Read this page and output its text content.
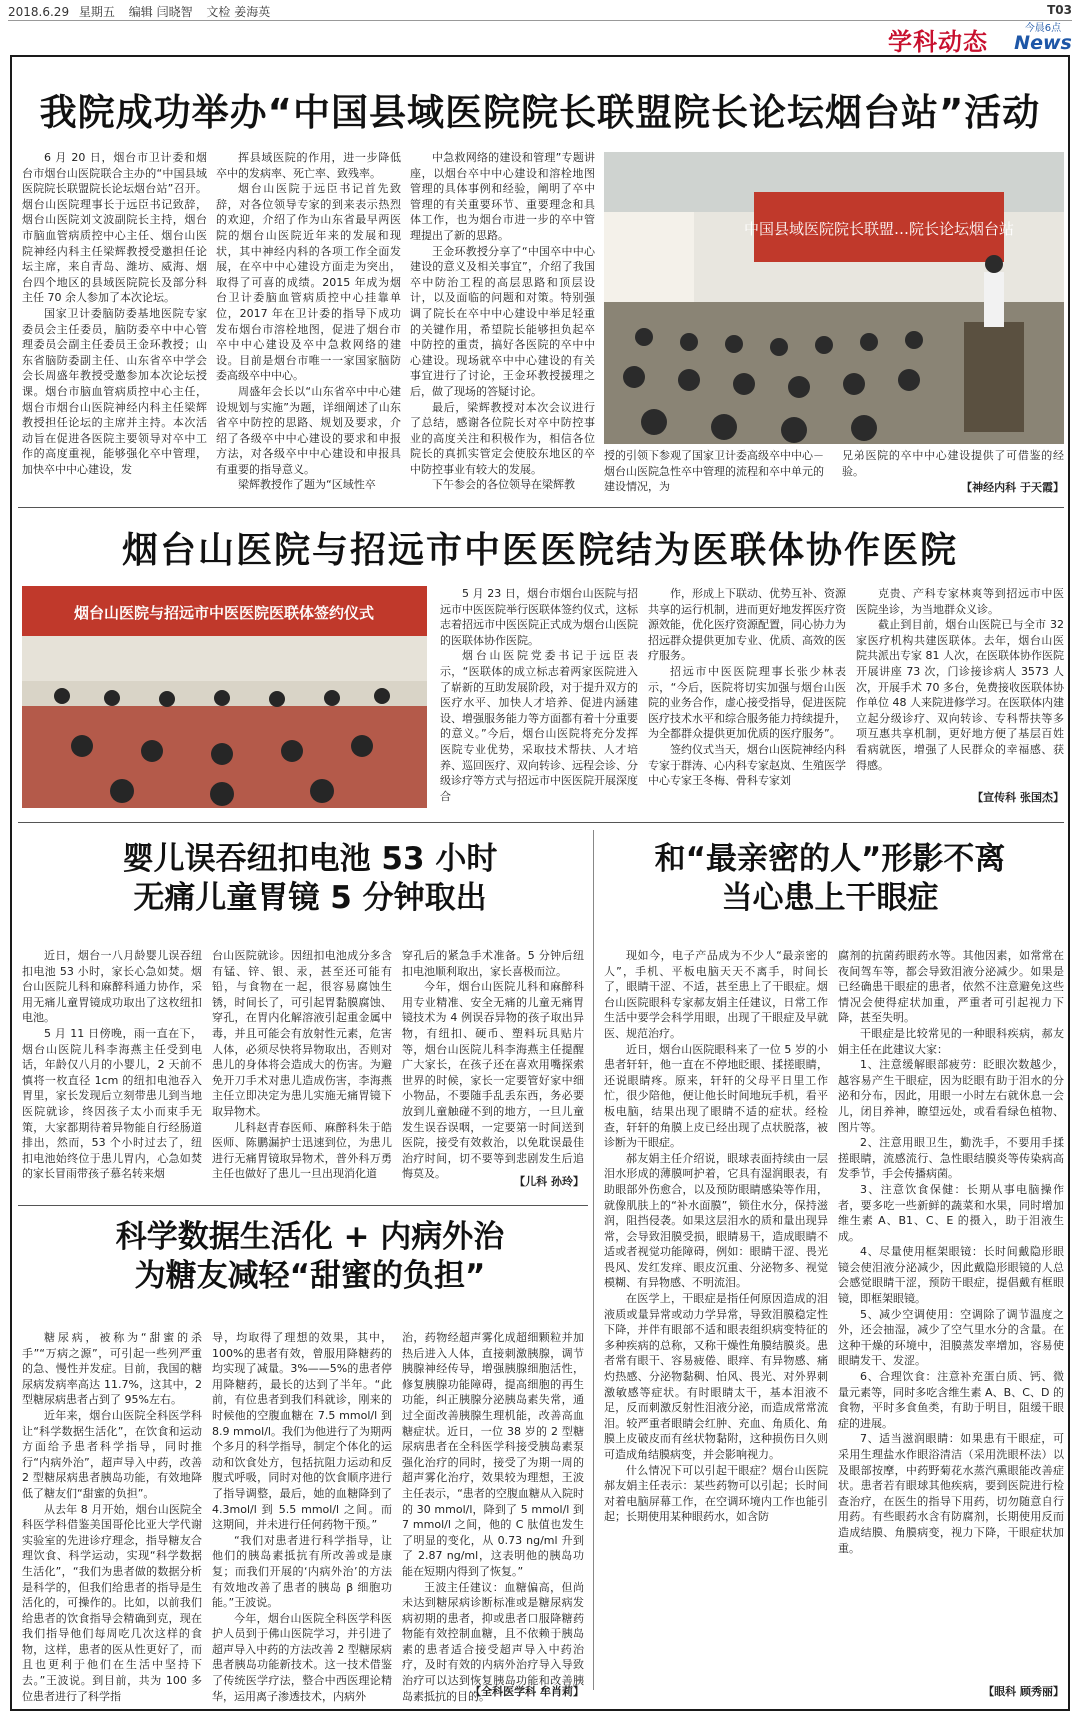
2018.6.29 星期五 编辑 闫晓智 文检 姜海英	T03
学科动态	今晨6点
News
我院成功举办“中国县域医院院长联盟院长论坛烟台站”活动

6 月 20 日，烟台市卫计委和烟台市烟台山医院联合主办的“中国县域医院院长联盟院长论坛烟台站”召开。烟台山医院理事长于远臣书记致辞，烟台山医院刘文波副院长主持，烟台市脑血管病质控中心主任、烟台山医院神经内科主任梁辉教授受邀担任论坛主席，来自青岛、潍坊、威海、烟台四个地区的县域医院院长及部分科主任 70 余人参加了本次论坛。

国家卫计委脑防委基地医院专家委员会主任委员，脑防委卒中中心管理委员会副主任委员王金环教授；山东省脑防委副主任、山东省卒中学会会长周盛年教授受邀参加本次论坛授课。烟台市脑血管病质控中心主任，烟台市烟台山医院神经内科主任梁辉教授担任论坛的主席并主持。本次活动旨在促进各医院主要领导对卒中工作的高度重视，能够强化卒中管理，加快卒中中心建设，发

挥县域医院的作用，进一步降低卒中的发病率、死亡率、致残率。

烟台山医院于远臣书记首先致辞，对各位领导专家的到来表示热烈的欢迎，介绍了作为山东省最早两医院的烟台山医院近年来的发展和现状，其中神经内科的各项工作全面发展，在卒中中心建设方面走为突出，取得了可喜的成绩。2015 年成为烟台卫计委脑血管病质控中心挂靠单位，2017 年在卫计委的指导下成功发布烟台市溶栓地图，促进了烟台市卒中中心建设及卒中急救网络的建设。目前是烟台市唯一一家国家脑防委高级卒中中心。

周盛年会长以“山东省卒中中心建设规划与实施”为题，详细阐述了山东省卒中防控的思路、规划及要求，介绍了各级卒中中心建设的要求和申报方法，对各级卒中中心建设和申报具有重要的指导意义。

梁辉教授作了题为“区域性卒

中急救网络的建设和管理”专题讲座，以烟台卒中中心建设和溶栓地图管理的具体事例和经验，阐明了卒中管理的有关重要环节、重要理念和具体工作，也为烟台市进一步的卒中管理提出了新的思路。

王金环教授分享了“中国卒中中心建设的意义及相关事宜”，介绍了我国卒中防治工程的高层思路和顶层设计，以及面临的问题和对策。特别强调了院长在卒中中心建设中举足轻重的关键作用，希望院长能够担负起卒中防控的重责，搞好各医院的卒中中心建设。现场就卒中中心建设的有关事宜进行了讨论，王金环教授援理之后，做了现场的答疑讨论。

最后，梁辉教授对本次会议进行了总结，感谢各位院长对卒中防控事业的高度关注和积极作为，相信各位院长的真抓实管定会使胶东地区的卒中防控事业有较大的发展。

下午参会的各位领导在梁辉教

中国县域医院院长联盟…院长论坛烟台站

授的引领下参观了国家卫计委高级卒中中心－烟台山医院急性卒中管理的流程和卒中单元的建设情况，为

兄弟医院的卒中中心建设提供了可借鉴的经验。

【神经内科 于天霞】
烟台山医院与招远市中医医院结为医联体协作医院
烟台山医院与招远市中医医院医联体签约仪式

5 月 23 日，烟台市烟台山医院与招远市中医医院举行医联体签约仪式，这标志着招远市中医医院正式成为烟台山医院的医联体协作医院。

烟台山医院党委书记于远臣表示，“医联体的成立标志着两家医院进入了崭新的互助发展阶段，对于提升双方的医疗水平、加快人才培养、促进内涵建设、增强服务能力等方面都有着十分重要的意义。”今后，烟台山医院将充分发挥医院专业优势，采取技术帮扶、人才培养、巡回医疗、双向转诊、远程会诊、分级诊疗等方式与招远市中医医院开展深度合

作，形成上下联动、优势互补、资源共享的运行机制，进而更好地发挥医疗资源效能，优化医疗资源配置，同心协力为招远群众提供更加专业、优质、高效的医疗服务。

招远市中医医院理事长张少林表示，“今后，医院将切实加强与烟台山医院的业务合作，虚心接受指导，促进医院医疗技术水平和综合服务能力持续提升，为全都群众提供更加优质的医疗服务”。

签约仪式当天，烟台山医院神经内科专家于群涛、心内科专家赵岚、生殖医学中心专家王冬梅、骨科专家刘

克贵、产科专家林爽等到招远市中医医院坐诊，为当地群众义诊。

截止到目前，烟台山医院已与全市 32 家医疗机构共建医联体。去年，烟台山医院共派出专家 81 人次，在医联体协作医院开展讲座 73 次，门诊接诊病人 3573 人次，开展手术 70 多台，免费接收医联体协作单位 48 人来院进修学习。在医联体内建立起分级诊疗、双向转诊、专科帮扶等多项互惠共享机制，更好地方便了基层百姓看病就医，增强了人民群众的幸福感、获得感。

【宣传科 张国杰】
婴儿误吞纽扣电池 53 小时
无痛儿童胃镜 5 分钟取出

近日，烟台一八月龄婴儿误吞纽扣电池 53 小时，家长心急如焚。烟台山医院儿科和麻醉科通力协作，采用无痛儿童胃镜成功取出了这枚纽扣电池。

5 月 11 日傍晚，雨一直在下，烟台山医院儿科李海燕主任受到电话，年龄仅八月的小婴儿，2 天前不慎将一枚直径 1cm 的纽扣电池吞入胃里，家长发现后立刻带患儿到当地医院就诊，终因孩子太小而束手无策，大家都期待着异物能自行经肠道排出，然而，53 个小时过去了，纽扣电池始终位于患儿胃内，心急如焚的家长冒雨带孩子慕名转来烟

台山医院就诊。因纽扣电池成分多含有锰、锌、银、汞，甚至还可能有铅，与食物在一起，很容易腐蚀生锈，时间长了，可引起胃黏膜腐蚀、穿孔，在胃内化解溶液引起重金属中毒，并且可能会有放射性元素，危害人体，必须尽快将异物取出，否则对患儿的身体将会造成大的伤害。为避免开刀手术对患儿造成伤害，李海燕主任立即决定为患儿实施无痛胃镜下取异物术。

儿科赵青春医师、麻醉科朱于皓医师、陈鹏漏护士迅速到位，为患儿进行无痛胃镜取异物术，普外科万勇主任也做好了患儿一旦出现消化道

穿孔后的紧急手术准备。5 分钟后纽扣电池顺利取出，家长喜极而泣。

今年，烟台山医院儿科和麻醉科用专业精准、安全无痛的儿童无痛胃镜技术为 4 例误吞异物的孩子取出异物，有纽扣、硬币、塑料玩具贴片等，烟台山医院儿科李海燕主任提醒广大家长，在孩子还在喜欢用嘴探索世界的时候，家长一定要管好家中细小物品，不要随手乱丢东西，务必要放到儿童触碰不到的地方，一旦儿童发生误吞误咽，一定要第一时间送到医院，接受有效救治，以免耽误最佳治疗时间，切不要等到悲剧发生后追悔莫及。

【儿科 孙玲】
科学数据生活化 + 内病外治
为糖友减轻“甜蜜的负担”

糖尿病，被称为“甜蜜的杀手”“万病之源”，可引起一些列严重的急、慢性并发症。目前，我国的糖尿病发病率高达 11.7%，这其中，2 型糖尿病患者占到了 95%左右。

近年来，烟台山医院全科医学科让“科学数据生活化”，在饮食和运动方面给予患者科学指导，同时推行“内病外治”，超声导入中药，改善 2 型糖尿病患者胰岛功能，有效地降低了糖友们“甜蜜的负担”。

从去年 8 月开始，烟台山医院全科医学科借鉴美国哥伦比亚大学代谢实验室的先进诊疗理念，指导糖友合理饮食、科学运动，实现“科学数据生活化”，“我们为患者做的数据分析是科学的，但我们给患者的指导是生活化的，可操作的。比如，以前我们给患者的饮食指导会精确到克，现在我们指导他们每周吃几次这样的食物，这样，患者的医从性更好了，而且也更利于他们在生活中坚持下去。”王波说。到目前，共为 100 多位患者进行了科学指

导，均取得了理想的效果，其中，100%的患者有效，曾服用降糖药的均实现了减量。3%——5%的患者停用降糖药，最长的达到了半年。“此前，有位患者到我们科就诊，刚来的时候他的空腹血糖在 7.5 mmol/l 到 8.9 mmol/l。我们为他进行了为期两个多月的科学指导，制定个体化的运动和饮食处方，包括抗阻力运动和反腹式呼吸，同时对他的饮食顺序进行了指导调整，最后，她的血糖降到了 4.3mol/l 到 5.5 mmol/l 之间。而这期间，并未进行任何药物干预。”

“我们对患者进行科学指导，让他们的胰岛素抵抗有所改善或是康复；而我们开展的‘内病外治’的方法有效地改善了患者的胰岛 β 细胞功能。”王波说。

今年，烟台山医院全科医学科医护人员到于佛山医院学习，并引进了超声导入中药的方法改善 2 型糖尿病患者胰岛功能新技术。这一技术借鉴了传统医学疗法，整合中西医理论精华，运用离子渗透技术，内病外

治，药物经超声雾化成超细颗粒并加热后进入人体，直接刺激胰腺，调节胰腺神经传导，增强胰腺细胞活性，修复胰腺功能障碍，提高细胞的再生功能，纠正胰腺分泌胰岛素失常，通过全面改善胰腺生理机能，改善高血糖症状。近日，一位 38 岁的 2 型糖尿病患者在全科医学科接受胰岛素泵强化治疗的同时，接受了为期一周的超声雾化治疗，效果较为理想，王波主任表示，“患者的空腹血糖从入院时的 30 mmol/l，降到了 5 mmol/l 到 7 mmol/l 之间，他的 C 肽值也发生了明显的变化，从 0.73 ng/ml 升到了 2.87 ng/ml，这表明他的胰岛功能在短期内得到了恢复。”

王波主任建议：血糖偏高，但尚未达到糖尿病诊断标准或是糖尿病发病初期的患者，抑或患者口服降糖药物能有效控制血糖，且不依赖于胰岛素的患者适合接受超声导入中药治疗，及时有效的内病外治疗导入导致治疗可以达到恢复胰岛功能和改善胰岛素抵抗的目的。

【全科医学科 牟肖莉】
和“最亲密的人”形影不离
当心患上干眼症

现如今，电子产品成为不少人“最亲密的人”，手机、平板电脑天天不离手，时间长了，眼睛干涩、不适，甚至患上了干眼症。烟台山医院眼科专家郝友娟主任建议，日常工作生活中要学会科学用眼，出现了干眼症及早就医、规范治疗。

近日，烟台山医院眼科来了一位 5 岁的小患者轩轩，他一直在不停地眨眼、揉搓眼睛，还说眼睛疼。原来，轩轩的父母平日里工作忙，很少陪他，便让他长时间地玩手机，看平板电脑，结果出现了眼睛不适的症状。经检查，轩轩的角膜上皮已经出现了点状脱落，被诊断为干眼症。

郝友娟主任介绍说，眼球表面持续由一层泪水形成的薄膜呵护着，它具有湿润眼表，有助眼部外伤愈合，以及预防眼睛感染等作用，就像肌肤上的“补水面膜”，锁住水分，保持滋润，阻挡侵袭。如果这层泪水的质和量出现异常，会导致泪膜受损，眼睛易干，造成眼睛不适或者视觉功能障碍，例如：眼睛干涩、畏光畏风、发红发痒、眼皮沉重、分泌物多、视觉模糊、有异物感、不明流泪。

在医学上，干眼症是指任何原因造成的泪液质或量异常或动力学异常，导致泪膜稳定性下降，并伴有眼部不适和眼表组织病变特征的多种疾病的总称，又称干燥性角膜结膜炎。患者常有眼干、容易疲倦、眼痒、有异物感、痛灼热感、分泌物黏稠、怕风、畏光、对外界刺激敏感等症状。有时眼睛太干，基本泪液不足，反而刺激反射性泪液分泌，而造成常常流泪。较严重者眼睛会红肿、充血、角质化、角膜上皮破皮而有丝状物黏附，这种损伤日久则可造成角结膜病变，并会影响视力。

什么情况下可以引起干眼症？烟台山医院郝友娟主任表示：某些药物可以引起；长时间对着电脑屏幕工作，在空调环境内工作也能引起；长期使用某种眼药水，如含防

腐剂的抗菌药眼药水等。其他因素，如常常在夜间驾车等，都会导致泪液分泌减少。如果是已经确患干眼症的患者，依然不注意避免这些情况会使得症状加重，严重者可引起视力下降，甚至失明。

干眼症是比较常见的一种眼科疾病，郝友娟主任在此建议大家：

1、注意缓解眼部疲劳：眨眼次数越少，越容易产生干眼症，因为眨眼有助于泪水的分泌和分布，因此，用眼一小时左右就休息一会儿，闭目养神，瞭望远处，或看看绿色植物、图片等。

2、注意用眼卫生，勤洗手，不要用手揉搓眼睛，流感流行、急性眼结膜炎等传染病高发季节，手会传播病菌。

3、注意饮食保健：长期从事电脑操作者，要多吃一些新鲜的蔬菜和水果，同时增加维生素 A、B1、C、E 的摄入，助于泪液生成。

4、尽量使用框架眼镜：长时间戴隐形眼镜会使泪液分泌减少，因此戴隐形眼镜的人总会感觉眼睛干涩，预防干眼症，提倡戴有框眼镜，即框架眼镜。

5、减少空调使用：空调除了调节温度之外，还会抽湿，减少了空气里水分的含量。在这种干燥的环境中，泪膜蒸发率增加，容易使眼睛发干、发涩。

6、合理饮食：注意补充蛋白质、钙、微量元素等，同时多吃含维生素 A、B、C、D 的食物，平时多食鱼类，有助于明目，阻缓干眼症的进展。

7、适当滋润眼睛：如果患有干眼症，可采用生理盐水作眼浴清洁（采用洗眼杯法）以及眼部按摩，中药野菊花水蒸汽熏眼能改善症状。患者若有眼球其他疾病，要到医院进行检查治疗，在医生的指导下用药，切勿随意自行用药。有些眼药水含有防腐剂，长期使用反而造成结膜、角膜病变，视力下降，干眼症状加重。

【眼科 顾秀丽】
